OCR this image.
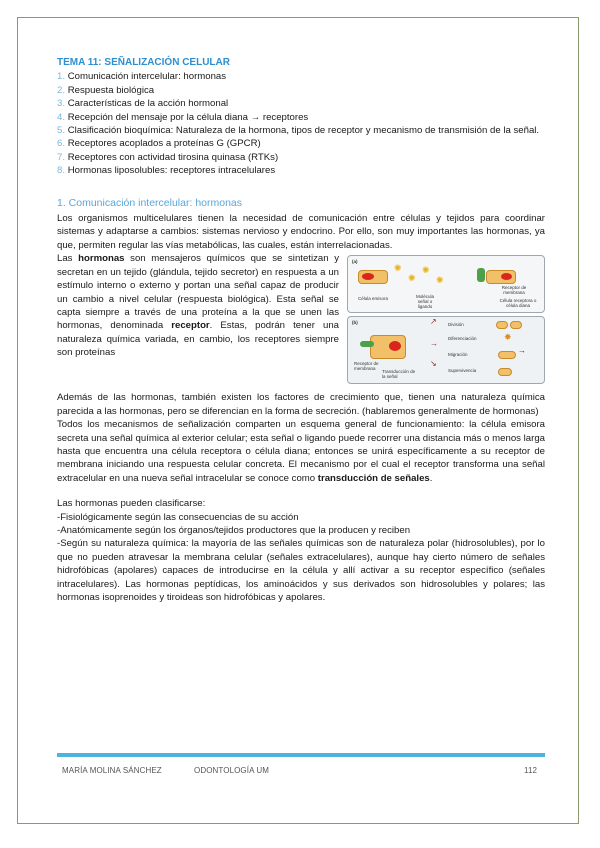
TEMA 11: SEÑALIZACIÓN CELULAR
1. Comunicación intercelular: hormonas
2. Respuesta biológica
3. Características de la acción hormonal
4. Recepción del mensaje por la célula diana → receptores
5. Clasificación bioquímica: Naturaleza de la hormona, tipos de receptor y mecanismo de transmisión de la señal.
6. Receptores acoplados a proteínas G (GPCR)
7. Receptores con actividad tirosina quinasa (RTKs)
8. Hormonas liposolubles: receptores intracelulares
1. Comunicación intercelular: hormonas

Los organismos multicelulares tienen la necesidad de comunicación entre células y tejidos para coordinar sistemas y adaptarse a cambios: sistemas nervioso y endocrino. Por ello, son muy importantes las hormonas, ya que, permiten regular las vías metabólicas, las cuales, están interrelacionadas.

(a)
✺
✺
✺
✺
Célula emisora	Molécula señal o ligando
Receptor de membrana
Célula receptora o célula diana
(b)
Receptor de membrana
Transducción de la señal
↗
→
↘
División
Diferenciación
Migración
Supervivencia
✸
→

Las hormonas son mensajeros químicos que se sintetizan y secretan en un tejido (glándula, tejido secretor) en respuesta a un estímulo interno o externo y portan una señal capaz de producir un cambio a nivel celular (respuesta biológica). Esta señal se capta siempre a través de una proteína a la que se unen las hormonas, denominada receptor. Estas, podrán tener una naturaleza química variada, en cambio, los receptores siempre son proteínas

Además de las hormonas, también existen los factores de crecimiento que, tienen una naturaleza química parecida a las hormonas, pero se diferencian en la forma de secreción. (hablaremos generalmente de hormonas)

Todos los mecanismos de señalización comparten un esquema general de funcionamiento: la célula emisora secreta una señal química al exterior celular; esta señal o ligando puede recorrer una distancia más o menos larga hasta que encuentra una célula receptora o célula diana; entonces se unirá específicamente a su receptor de membrana iniciando una respuesta celular concreta. El mecanismo por el cual el receptor transforma una señal extracelular en una nueva señal intracelular se conoce como transducción de señales.

Las hormonas pueden clasificarse:

-Fisiológicamente según las consecuencias de su acción

-Anatómicamente según los órganos/tejidos productores que la producen y reciben

-Según su naturaleza química: la mayoría de las señales químicas son de naturaleza polar (hidrosolubles), por lo que no pueden atravesar la membrana celular (señales extracelulares), aunque hay cierto número de señales hidrofóbicas (apolares) capaces de introducirse en la célula y allí activar a su receptor específico (señales intracelulares). Las hormonas peptídicas, los aminoácidos y sus derivados son hidrosolubles y polares; las hormonas isoprenoides y tiroideas son hidrofóbicas y apolares.

MARÍA MOLINA SÁNCHEZ	ODONTOLOGÍA UM	112
